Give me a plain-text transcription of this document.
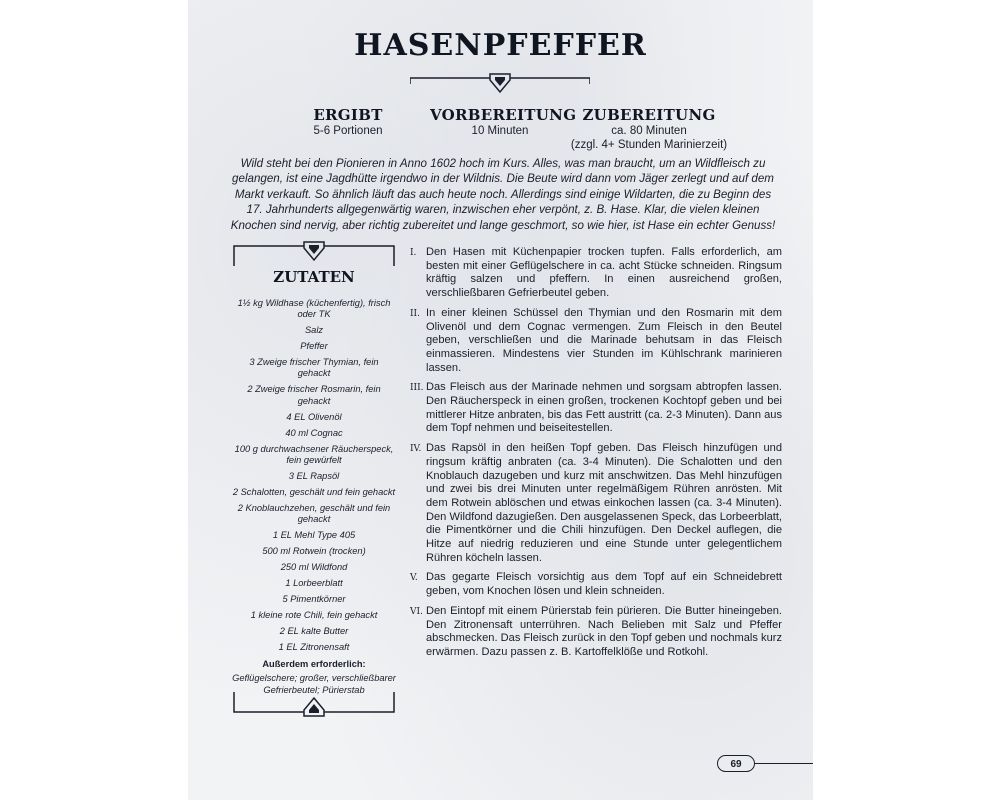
HASENPFEFFER
ERGIBT
5-6 Portionen
VORBEREITUNG
10 Minuten
ZUBEREITUNG
ca. 80 Minuten
(zzgl. 4+ Stunden Marinierzeit)
Wild steht bei den Pionieren in Anno 1602 hoch im Kurs. Alles, was man braucht, um an Wildfleisch zu gelangen, ist eine Jagdhütte irgendwo in der Wildnis. Die Beute wird dann vom Jäger zerlegt und auf dem Markt verkauft. So ähnlich läuft das auch heute noch. Allerdings sind einige Wildarten, die zu Beginn des 17. Jahrhunderts allgegenwärtig waren, inzwischen eher verpönt, z. B. Hase. Klar, die vielen kleinen Knochen sind nervig, aber richtig zubereitet und lange geschmort, so wie hier, ist Hase ein echter Genuss!
ZUTATEN
1½ kg Wildhase (küchenfertig), frisch oder TK
Salz
Pfeffer
3 Zweige frischer Thymian, fein gehackt
2 Zweige frischer Rosmarin, fein gehackt
4 EL Olivenöl
40 ml Cognac
100 g durchwachsener Räucherspeck, fein gewürfelt
3 EL Rapsöl
2 Schalotten, geschält und fein gehackt
2 Knoblauchzehen, geschält und fein gehackt
1 EL Mehl Type 405
500 ml Rotwein (trocken)
250 ml Wildfond
1 Lorbeerblatt
5 Pimentkörner
1 kleine rote Chili, fein gehackt
2 EL kalte Butter
1 EL Zitronensaft
Außerdem erforderlich:
Geflügelschere; großer, verschließbarer Gefrierbeutel; Pürierstab
I. Den Hasen mit Küchenpapier trocken tupfen. Falls erforderlich, am besten mit einer Geflügelschere in ca. acht Stücke schneiden. Ringsum kräftig salzen und pfeffern. In einen ausreichend großen, verschließbaren Gefrierbeutel geben.
II. In einer kleinen Schüssel den Thymian und den Rosmarin mit dem Olivenöl und dem Cognac vermengen. Zum Fleisch in den Beutel geben, verschließen und die Marinade behutsam in das Fleisch einmassieren. Mindestens vier Stunden im Kühlschrank marinieren lassen.
III. Das Fleisch aus der Marinade nehmen und sorgsam abtropfen lassen. Den Räucherspeck in einen großen, trockenen Kochtopf geben und bei mittlerer Hitze anbraten, bis das Fett austritt (ca. 2-3 Minuten). Dann aus dem Topf nehmen und beiseitestellen.
IV. Das Rapsöl in den heißen Topf geben. Das Fleisch hinzufügen und ringsum kräftig anbraten (ca. 3-4 Minuten). Die Schalotten und den Knoblauch dazugeben und kurz mit anschwitzen. Das Mehl hinzufügen und zwei bis drei Minuten unter regelmäßigem Rühren anrösten. Mit dem Rotwein ablöschen und etwas einkochen lassen (ca. 3-4 Minuten). Den Wildfond dazugießen. Den ausgelassenen Speck, das Lorbeerblatt, die Pimentkörner und die Chili hinzufügen. Den Deckel auflegen, die Hitze auf niedrig reduzieren und eine Stunde unter gelegentlichem Rühren köcheln lassen.
V. Das gegarte Fleisch vorsichtig aus dem Topf auf ein Schneidebrett geben, vom Knochen lösen und klein schneiden.
VI. Den Eintopf mit einem Pürierstab fein pürieren. Die Butter hineingeben. Den Zitronensaft unterrühren. Nach Belieben mit Salz und Pfeffer abschmecken. Das Fleisch zurück in den Topf geben und nochmals kurz erwärmen. Dazu passen z. B. Kartoffelklöße und Rotkohl.
69
